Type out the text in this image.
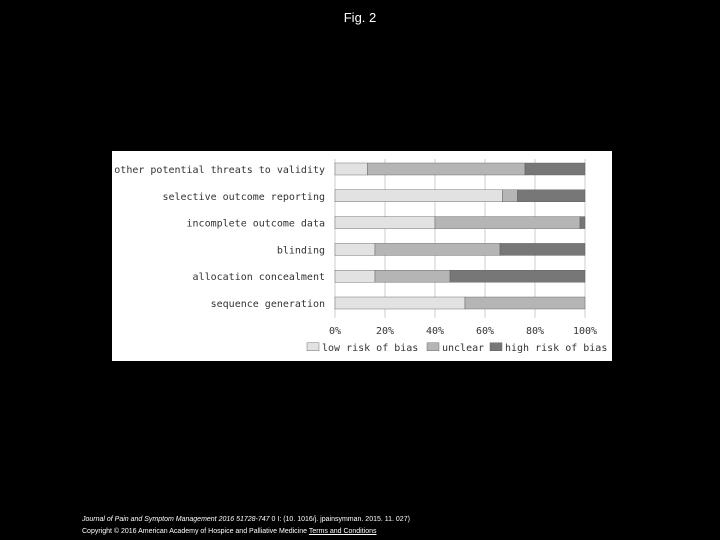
Fig. 2
other potential threats to validity
selective outcome reporting
incomplete outcome data
blinding
allocation concealment
sequence generation
0%	20%	40%	60%	80%	100%
low risk of bias unclear high risk of bias
Journal of Pain and Symptom Management 2016 51728-747 0 I: (10. 1016/j. jpainsymman. 2015. 11. 027)
Copyright © 2016 American Academy of Hospice and Palliative Medicine Terms and Conditions
